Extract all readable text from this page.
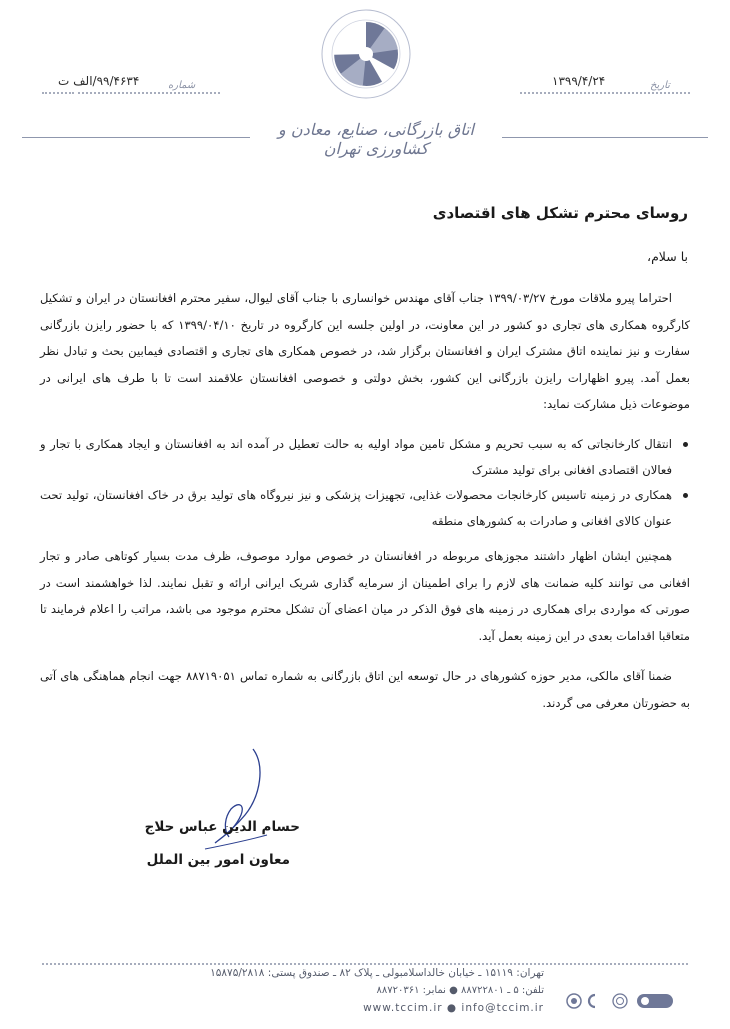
۹۹/۴۶۳۴/الف ت	شماره	۱۳۹۹/۴/۲۴	تاریخ
اتاق بازرگانی، صنایع، معادن و کشاورزی تهران
روسای محترم تشکل های اقتصادی
با سلام،
احتراما پیرو ملاقات مورخ ۱۳۹۹/۰۳/۲۷ جناب آقای مهندس خوانساری با جناب آقای لیوال، سفیر محترم افغانستان در ایران و تشکیل کارگروه همکاری های تجاری دو کشور در این معاونت، در اولین جلسه این کارگروه در تاریخ ۱۳۹۹/۰۴/۱۰ که با حضور رایزن بازرگانی سفارت و نیز نماینده اتاق مشترک ایران و افغانستان برگزار شد، در خصوص همکاری های تجاری و اقتصادی فیمابین بحث و تبادل نظر بعمل آمد. پیرو اظهارات رایزن بازرگانی این کشور، بخش دولتی و خصوصی افغانستان علاقمند است تا با طرف های ایرانی در موضوعات ذیل مشارکت نماید:
انتقال کارخانجاتی که به سبب تحریم و مشکل تامین مواد اولیه به حالت تعطیل در آمده اند به افغانستان و ایجاد همکاری با تجار و فعالان اقتصادی افغانی برای تولید مشترک
همکاری در زمینه تاسیس کارخانجات محصولات غذایی، تجهیزات پزشکی و نیز نیروگاه های تولید برق در خاک افغانستان، تولید تحت عنوان کالای افغانی و صادرات به کشورهای منطقه
همچنین ایشان اظهار داشتند مجوزهای مربوطه در افغانستان در خصوص موارد موصوف، ظرف مدت بسیار کوتاهی صادر و تجار افغانی می توانند کلیه ضمانت های لازم را برای اطمینان از سرمایه گذاری شریک ایرانی ارائه و تقبل نمایند. لذا خواهشمند است در صورتی که مواردی برای همکاری در زمینه های فوق الذکر در میان اعضای آن تشکل محترم موجود می باشد، مراتب را اعلام فرمایند تا متعاقبا اقدامات بعدی در این زمینه بعمل آید.
ضمنا آقای مالکی، مدیر حوزه کشورهای در حال توسعه این اتاق بازرگانی به شماره تماس ۸۸۷۱۹۰۵۱ جهت انجام هماهنگی های آتی به حضورتان معرفی می گردند.
حسام الدین عباس حلاج
معاون امور بین الملل
تهران: ۱۵۱۱۹ ـ خیابان خالداسلامبولی ـ پلاک ۸۲ ـ صندوق پستی: ۱۵۸۷۵/۲۸۱۸
تلفن: ۵ ـ ۸۸۷۲۲۸۰۱ ● نمابر: ۸۸۷۲۰۳۶۱
www.tccim.ir ● info@tccim.ir
